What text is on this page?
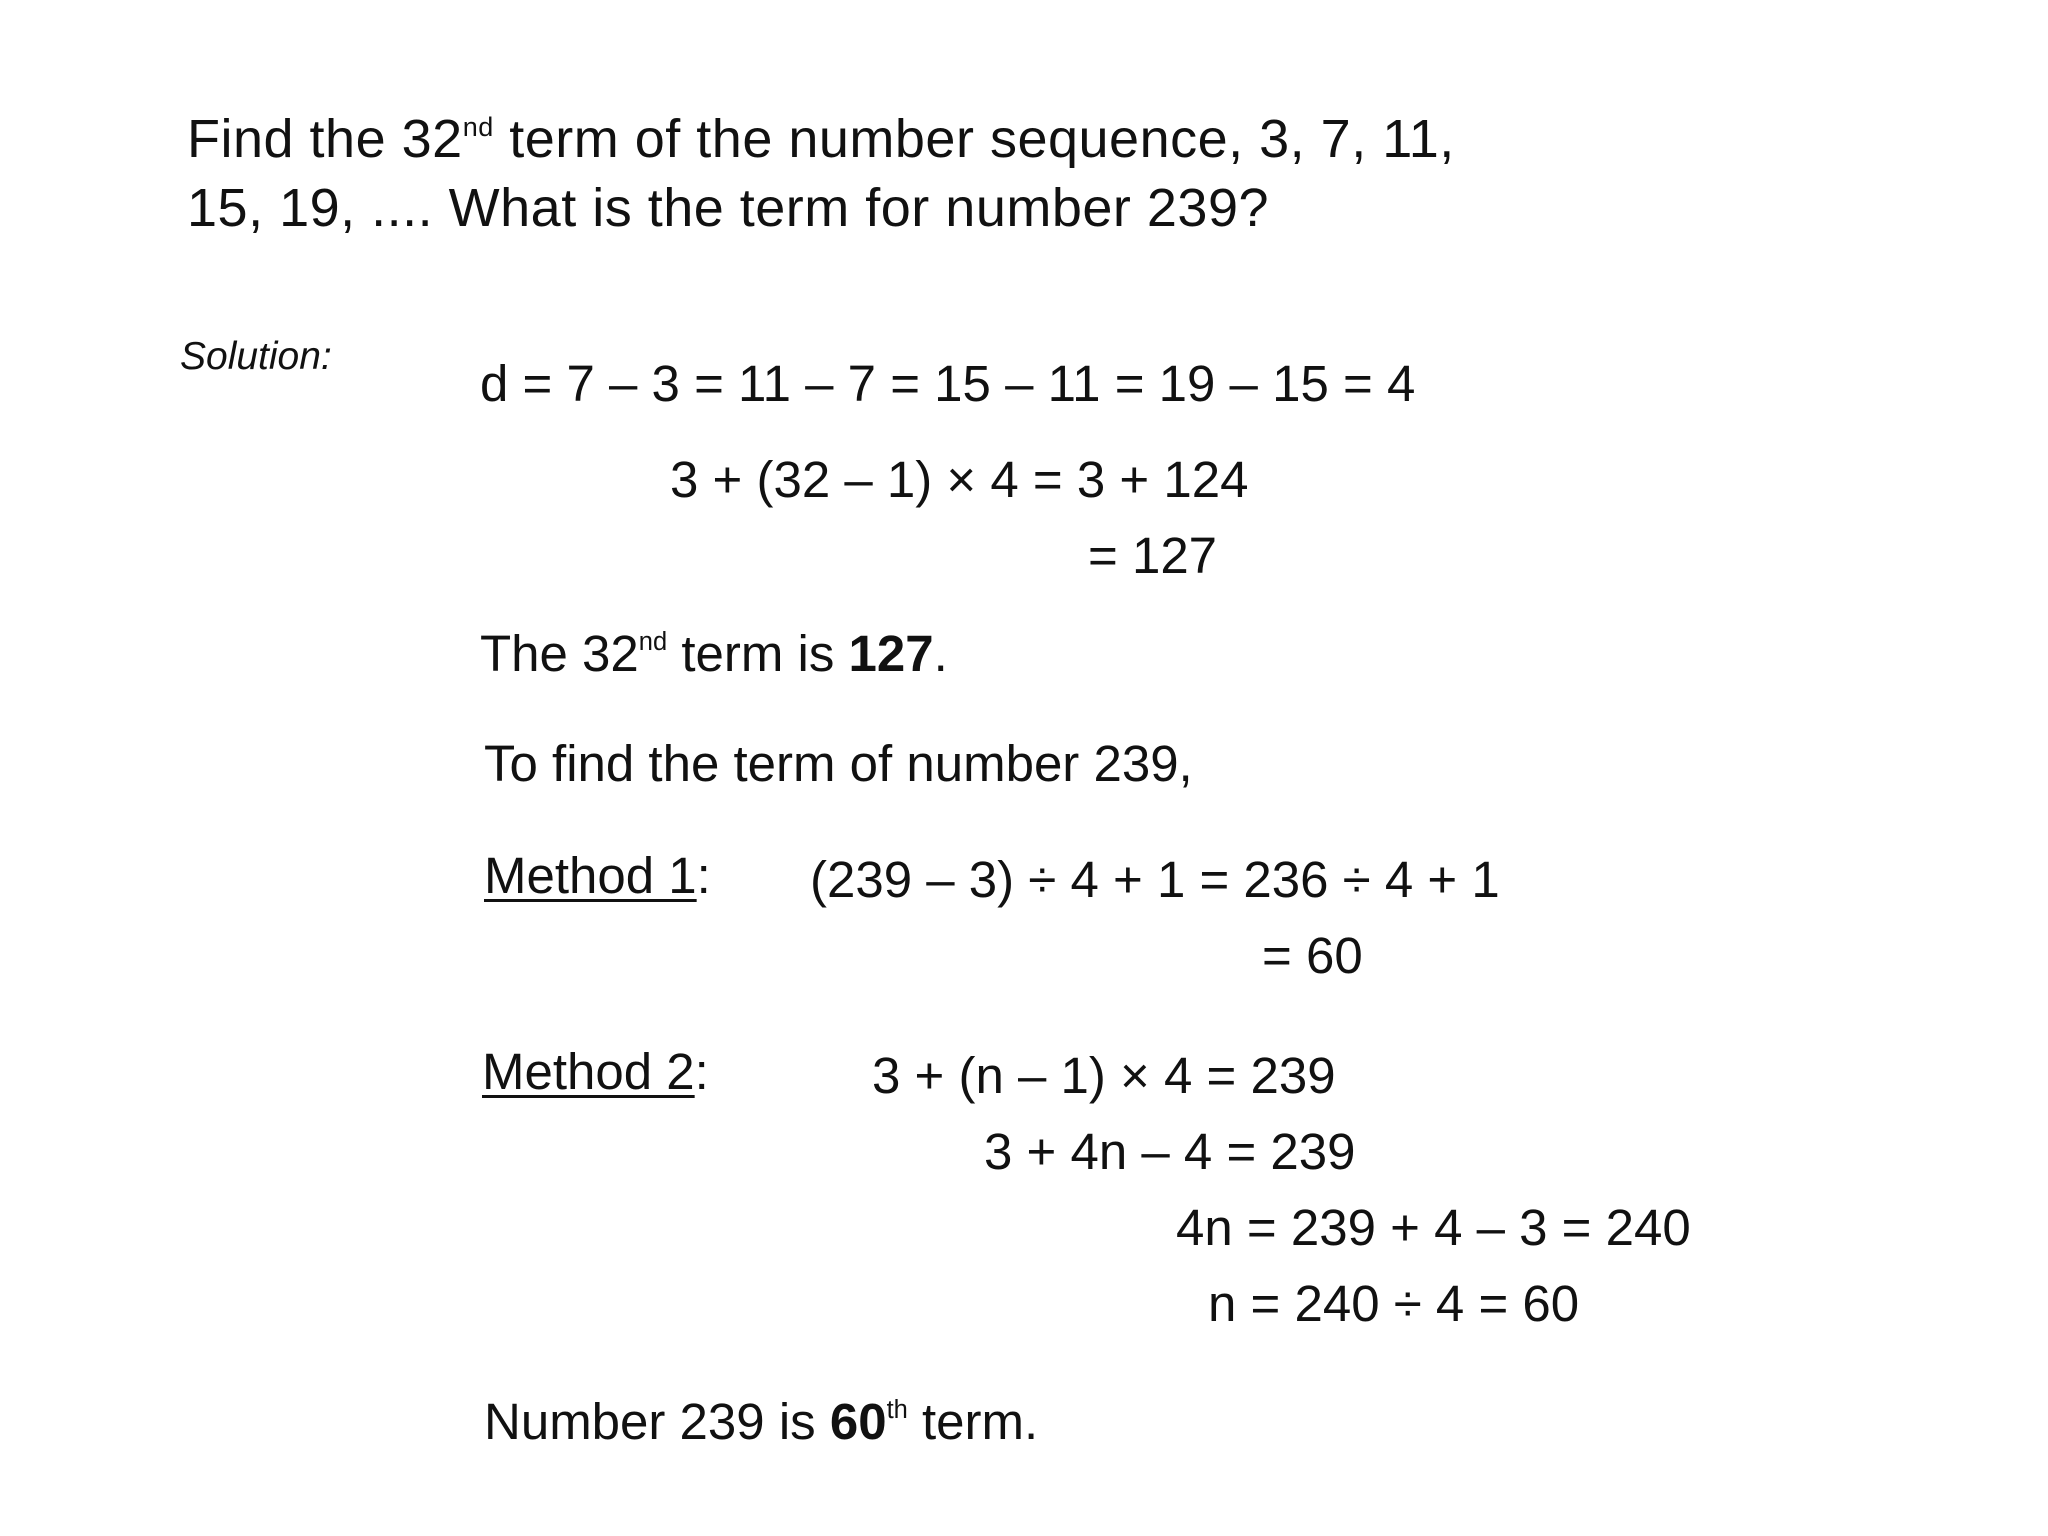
Find the 32nd term of the number sequence, 3, 7, 11,
15, 19, .... What is the term for number 239?
Solution:	d = 7 – 3 = 11 – 7 = 15 – 11 = 19 – 15 = 4
3 + (32 – 1) × 4 = 3 + 124
= 127
The 32nd term is 127.
To find the term of number 239,
Method 1: (239 – 3) ÷ 4 + 1 = 236 ÷ 4 + 1
= 60
Method 2:	3 + (n – 1) × 4 = 239
3 + 4n – 4 = 239
4n = 239 + 4 – 3 = 240
n = 240 ÷ 4 = 60
Number 239 is 60th term.
